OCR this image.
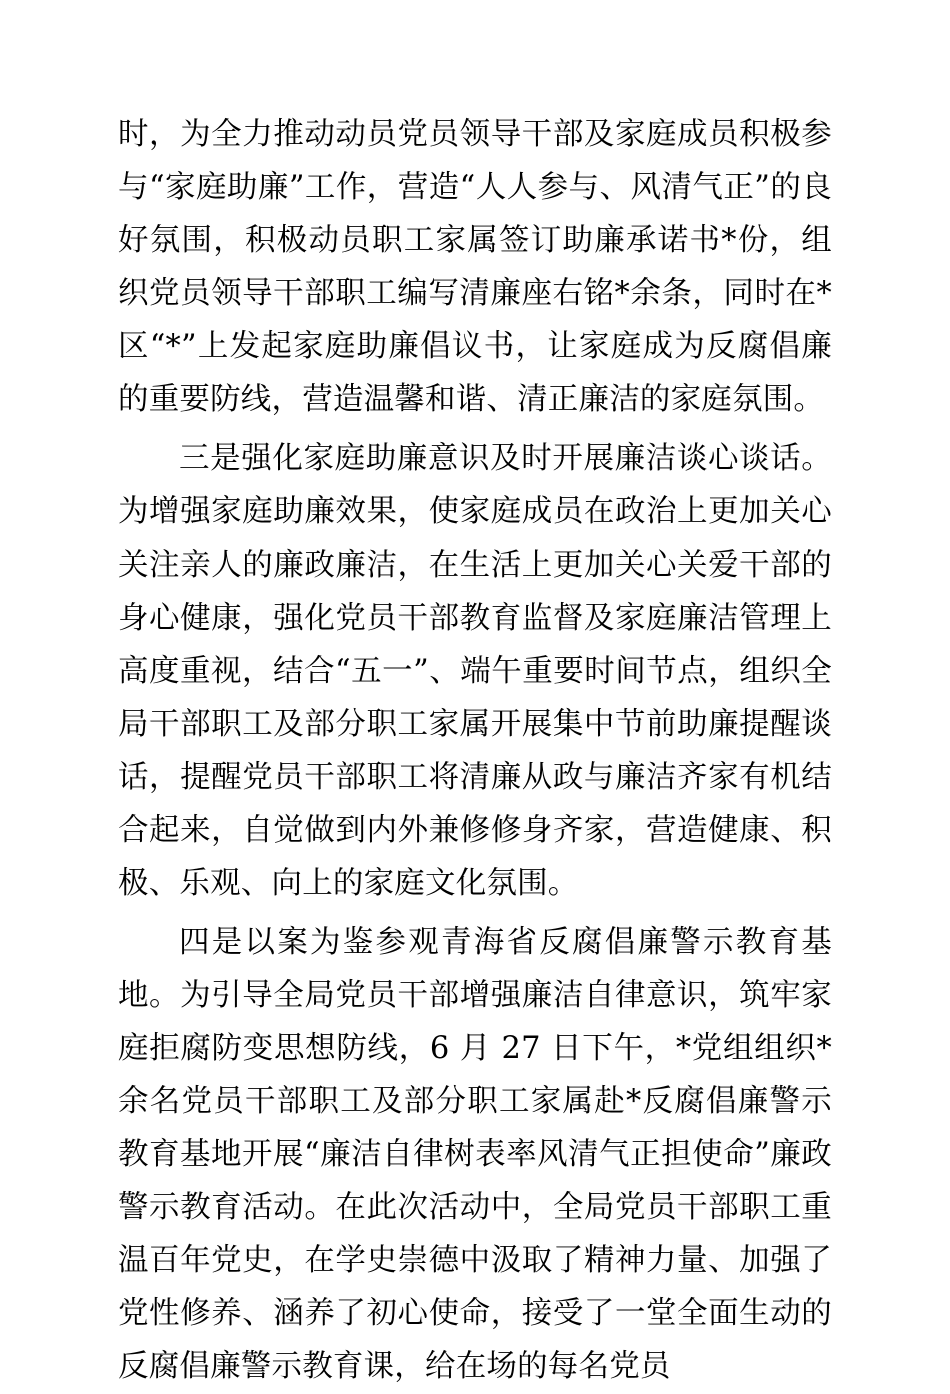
时，为全力推动动员党员领导干部及家庭成员积极参与“家庭助廉”工作，营造“人人参与、风清气正”的良好氛围，积极动员职工家属签订助廉承诺书*份，组织党员领导干部职工编写清廉座右铭*余条，同时在*区“*”上发起家庭助廉倡议书，让家庭成为反腐倡廉的重要防线，营造温馨和谐、清正廉洁的家庭氛围。

三是强化家庭助廉意识及时开展廉洁谈心谈话。为增强家庭助廉效果，使家庭成员在政治上更加关心关注亲人的廉政廉洁，在生活上更加关心关爱干部的身心健康，强化党员干部教育监督及家庭廉洁管理上高度重视，结合“五一”、端午重要时间节点，组织全局干部职工及部分职工家属开展集中节前助廉提醒谈话，提醒党员干部职工将清廉从政与廉洁齐家有机结合起来，自觉做到内外兼修修身齐家，营造健康、积极、乐观、向上的家庭文化氛围。

四是以案为鉴参观青海省反腐倡廉警示教育基地。为引导全局党员干部增强廉洁自律意识，筑牢家庭拒腐防变思想防线，6 月 27 日下午，*党组组织*余名党员干部职工及部分职工家属赴*反腐倡廉警示教育基地开展“廉洁自律树表率风清气正担使命”廉政警示教育活动。在此次活动中，全局党员干部职工重温百年党史，在学史崇德中汲取了精神力量、加强了党性修养、涵养了初心使命，接受了一堂全面生动的反腐倡廉警示教育课，给在场的每名党员
